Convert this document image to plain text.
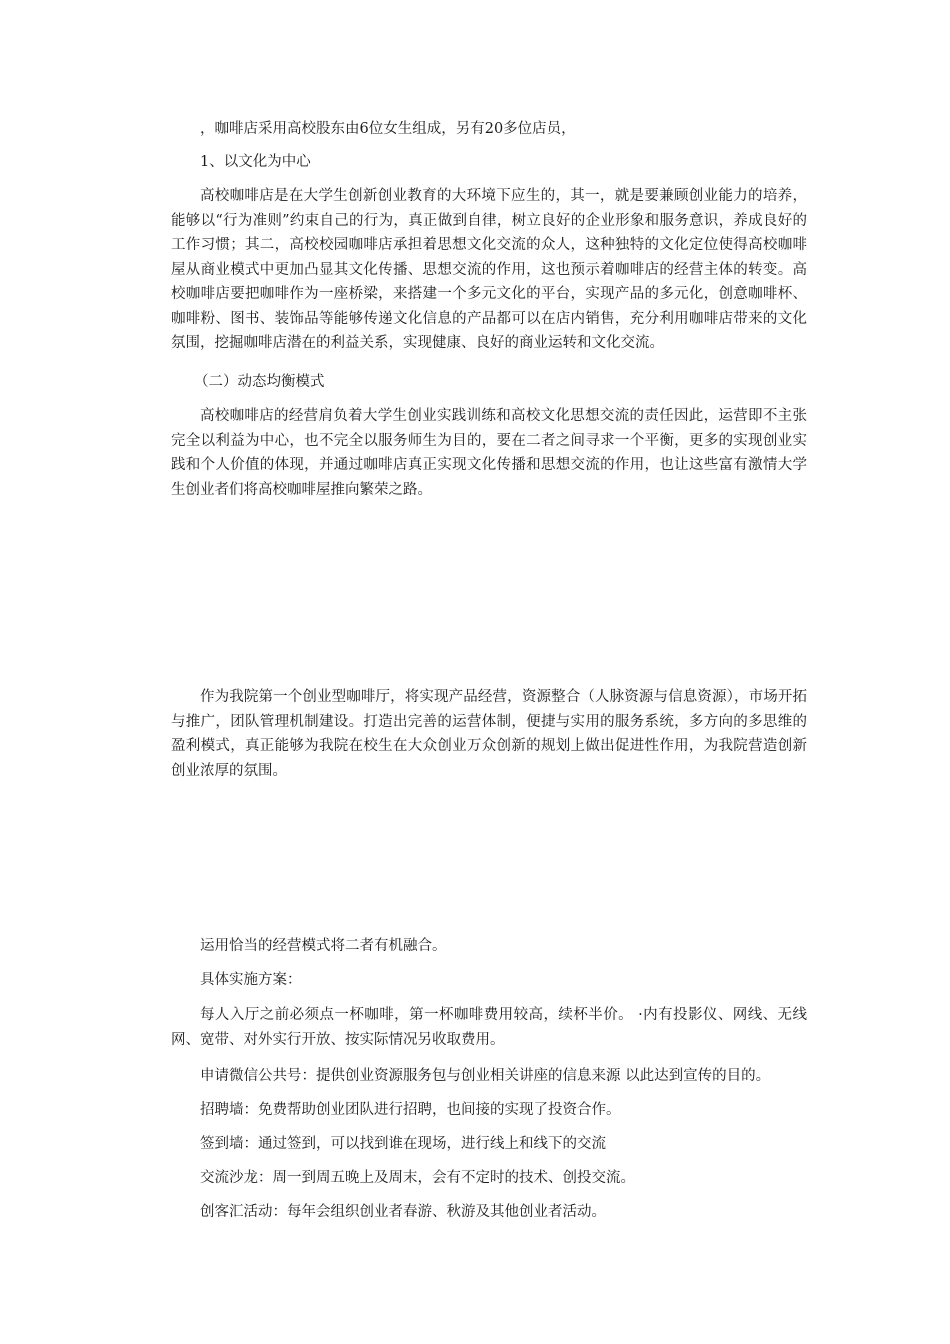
，咖啡店采用高校股东由6位女生组成，另有20多位店员，

1、以文化为中心

高校咖啡店是在大学生创新创业教育的大环境下应生的，其一，就是要兼顾创业能力的培养，能够以“行为准则”约束自己的行为，真正做到自律，树立良好的企业形象和服务意识，养成良好的工作习惯；其二，高校校园咖啡店承担着思想文化交流的众人，这种独特的文化定位使得高校咖啡屋从商业模式中更加凸显其文化传播、思想交流的作用，这也预示着咖啡店的经营主体的转变。高校咖啡店要把咖啡作为一座桥梁，来搭建一个多元文化的平台，实现产品的多元化，创意咖啡杯、咖啡粉、图书、装饰品等能够传递文化信息的产品都可以在店内销售，充分利用咖啡店带来的文化氛围，挖掘咖啡店潜在的利益关系，实现健康、良好的商业运转和文化交流。

（二）动态均衡模式

高校咖啡店的经营肩负着大学生创业实践训练和高校文化思想交流的责任因此，运营即不主张完全以利益为中心，也不完全以服务师生为目的，要在二者之间寻求一个平衡，更多的实现创业实践和个人价值的体现，并通过咖啡店真正实现文化传播和思想交流的作用，也让这些富有激情大学生创业者们将高校咖啡屋推向繁荣之路。

作为我院第一个创业型咖啡厅，将实现产品经营，资源整合（人脉资源与信息资源），市场开拓与推广，团队管理机制建设。打造出完善的运营体制，便捷与实用的服务系统，多方向的多思维的盈利模式，真正能够为我院在校生在大众创业万众创新的规划上做出促进性作用，为我院营造创新创业浓厚的氛围。

运用恰当的经营模式将二者有机融合。

具体实施方案：

每人入厅之前必须点一杯咖啡，第一杯咖啡费用较高，续杯半价。 ·内有投影仪、网线、无线网、宽带、对外实行开放、按实际情况另收取费用。

申请微信公共号：提供创业资源服务包与创业相关讲座的信息来源 以此达到宣传的目的。

招聘墙：免费帮助创业团队进行招聘，也间接的实现了投资合作。

签到墙：通过签到，可以找到谁在现场，进行线上和线下的交流

交流沙龙：周一到周五晚上及周末，会有不定时的技术、创投交流。

创客汇活动：每年会组织创业者春游、秋游及其他创业者活动。
